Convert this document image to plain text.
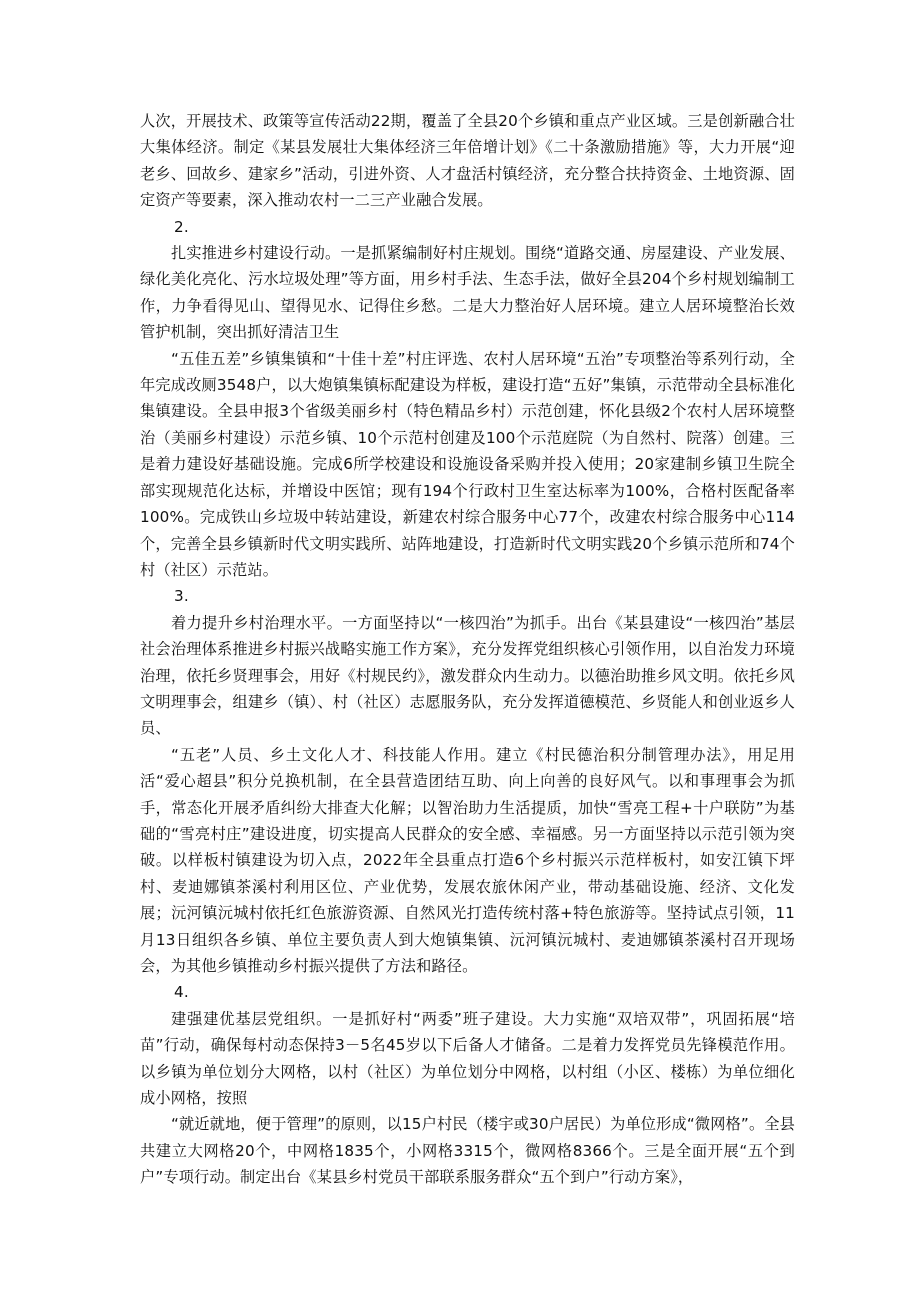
人次，开展技术、政策等宣传活动22期，覆盖了全县20个乡镇和重点产业区域。三是创新融合壮大集体经济。制定《某县发展壮大集体经济三年倍增计划》《二十条激励措施》等，大力开展“迎老乡、回故乡、建家乡”活动，引进外资、人才盘活村镇经济，充分整合扶持资金、土地资源、固定资产等要素，深入推动农村一二三产业融合发展。

2.

扎实推进乡村建设行动。一是抓紧编制好村庄规划。围绕“道路交通、房屋建设、产业发展、绿化美化亮化、污水垃圾处理”等方面，用乡村手法、生态手法，做好全县204个乡村规划编制工作，力争看得见山、望得见水、记得住乡愁。二是大力整治好人居环境。建立人居环境整治长效管护机制，突出抓好清洁卫生

“五佳五差”乡镇集镇和“十佳十差”村庄评选、农村人居环境“五治”专项整治等系列行动，全年完成改厕3548户，以大炮镇集镇标配建设为样板，建设打造“五好”集镇，示范带动全县标准化集镇建设。全县申报3个省级美丽乡村（特色精品乡村）示范创建，怀化县级2个农村人居环境整治（美丽乡村建设）示范乡镇、10个示范村创建及100个示范庭院（为自然村、院落）创建。三是着力建设好基础设施。完成6所学校建设和设施设备采购并投入使用；20家建制乡镇卫生院全部实现规范化达标，并增设中医馆；现有194个行政村卫生室达标率为100%，合格村医配备率100%。完成铁山乡垃圾中转站建设，新建农村综合服务中心77个，改建农村综合服务中心114个，完善全县乡镇新时代文明实践所、站阵地建设，打造新时代文明实践20个乡镇示范所和74个村（社区）示范站。

3.

着力提升乡村治理水平。一方面坚持以“一核四治”为抓手。出台《某县建设“一核四治”基层社会治理体系推进乡村振兴战略实施工作方案》，充分发挥党组织核心引领作用，以自治发力环境治理，依托乡贤理事会，用好《村规民约》，激发群众内生动力。以德治助推乡风文明。依托乡风文明理事会，组建乡（镇）、村（社区）志愿服务队，充分发挥道德模范、乡贤能人和创业返乡人员、

“五老”人员、乡土文化人才、科技能人作用。建立《村民德治积分制管理办法》，用足用活“爱心超县”积分兑换机制，在全县营造团结互助、向上向善的良好风气。以和事理事会为抓手，常态化开展矛盾纠纷大排查大化解；以智治助力生活提质，加快“雪亮工程+十户联防”为基础的“雪亮村庄”建设进度，切实提高人民群众的安全感、幸福感。另一方面坚持以示范引领为突破。以样板村镇建设为切入点，2022年全县重点打造6个乡村振兴示范样板村，如安江镇下坪村、麦迪娜镇茶溪村利用区位、产业优势，发展农旅休闲产业，带动基础设施、经济、文化发展；沅河镇沅城村依托红色旅游资源、自然风光打造传统村落+特色旅游等。坚持试点引领，11月13日组织各乡镇、单位主要负责人到大炮镇集镇、沅河镇沅城村、麦迪娜镇茶溪村召开现场会，为其他乡镇推动乡村振兴提供了方法和路径。

4.

建强建优基层党组织。一是抓好村“两委”班子建设。大力实施“双培双带”，巩固拓展“培苗”行动，确保每村动态保持3－5名45岁以下后备人才储备。二是着力发挥党员先锋模范作用。以乡镇为单位划分大网格，以村（社区）为单位划分中网格，以村组（小区、楼栋）为单位细化成小网格，按照

“就近就地，便于管理”的原则，以15户村民（楼宇或30户居民）为单位形成“微网格”。全县共建立大网格20个，中网格1835个，小网格3315个，微网格8366个。三是全面开展“五个到户”专项行动。制定出台《某县乡村党员干部联系服务群众“五个到户”行动方案》，
